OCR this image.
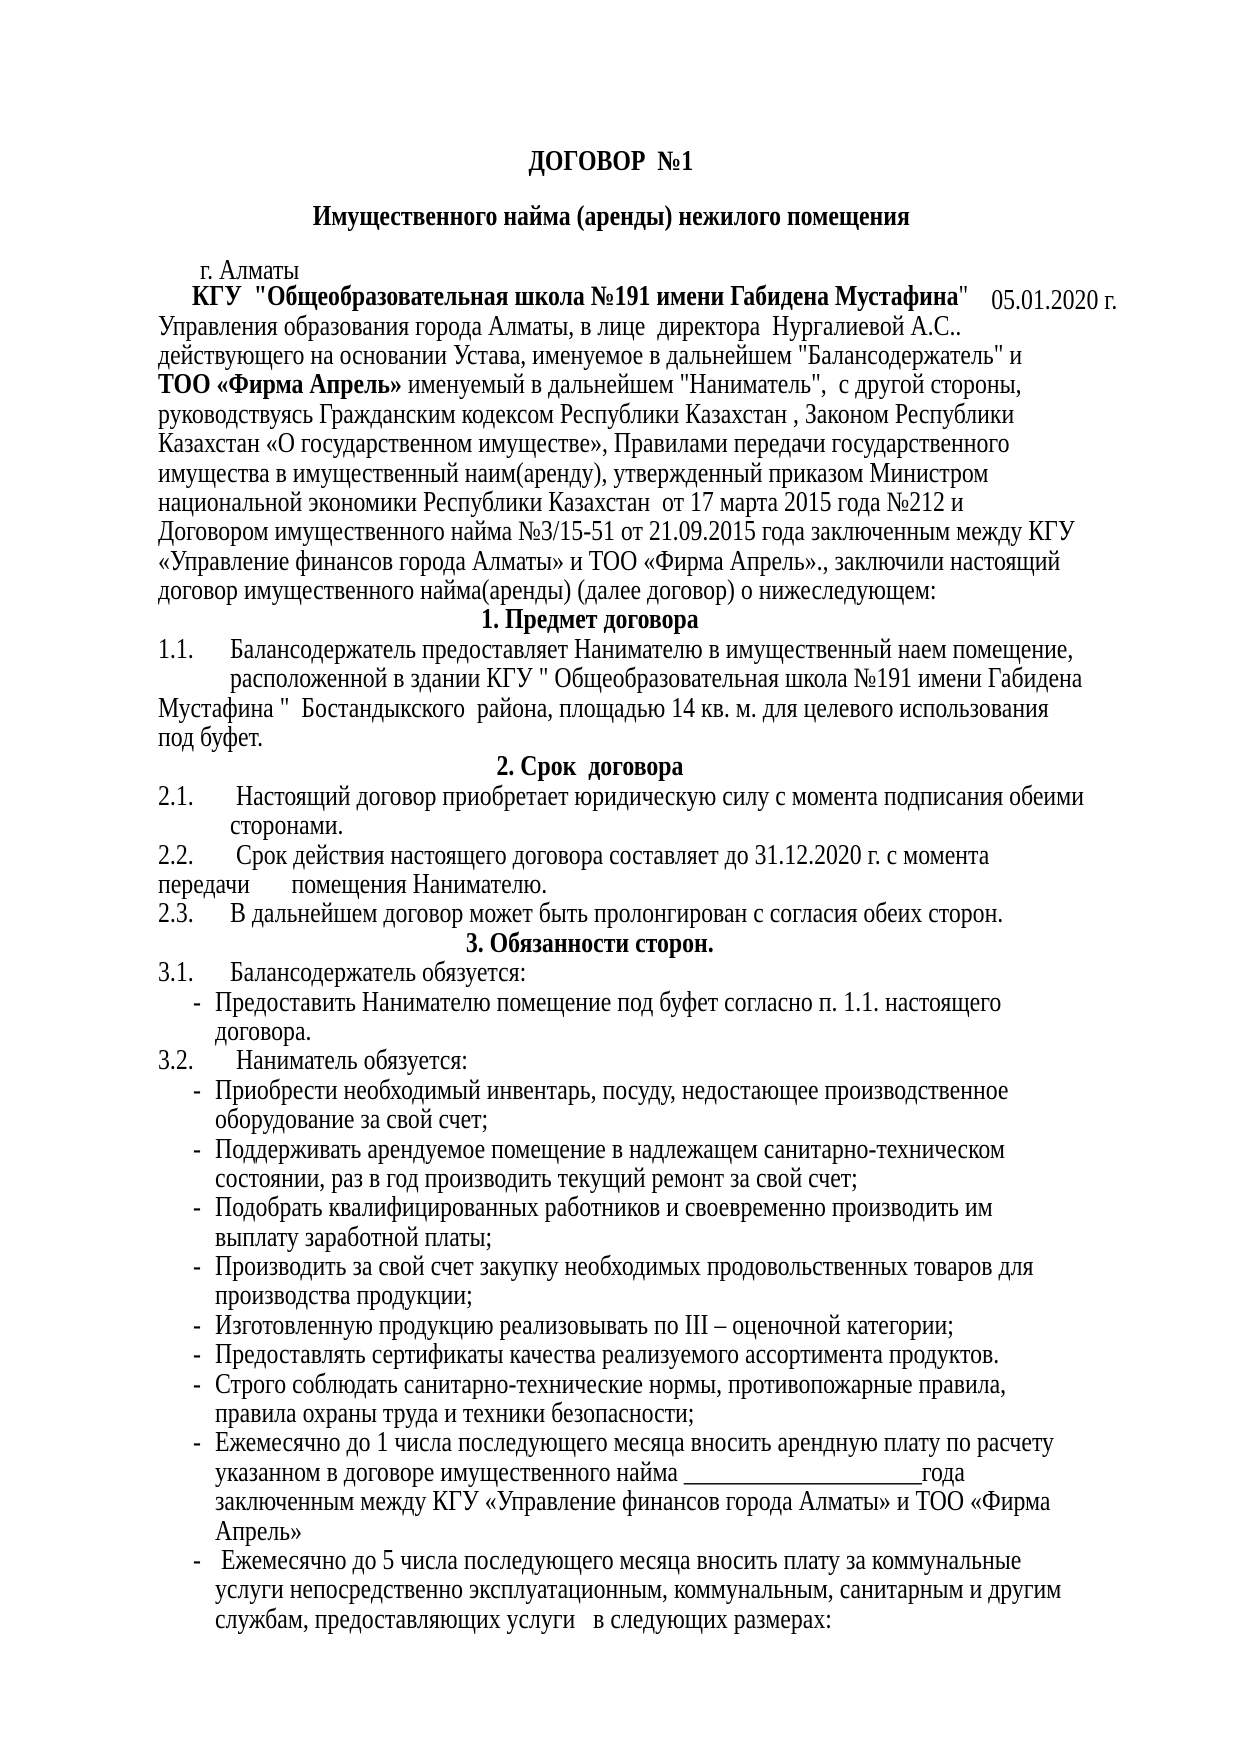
ДОГОВОР  №1

Имущественного найма (аренды) нежилого помещения

г. Алматы

05.01.2020 г.

КГУ  "Общеобразовательная школа №191 имени Габидена Мустафина"
Управления образования города Алматы, в лице  директора  Нургалиевой А.С..
действующего на основании Устава, именуемое в дальнейшем "Балансодержатель" и
ТОО «Фирма Апрель» именуемый в дальнейшем "Наниматель",  с другой стороны,
руководствуясь Гражданским кодексом Республики Казахстан , Законом Республики
Казахстан «О государственном имуществе», Правилами передачи государственного
имущества в имущественный наим(аренду), утвержденный приказом Министром
национальной экономики Республики Казахстан  от 17 марта 2015 года №212 и
Договором имущественного найма №3/15-51 от 21.09.2015 года заключенным между КГУ
«Управление финансов города Алматы» и ТОО «Фирма Апрель»., заключили настоящий
договор имущественного найма(аренды) (далее договор) о нижеследующем:
1. Предмет договора
1.1. Балансодержатель предоставляет Нанимателю в имущественный наем помещение,
расположенной в здании КГУ " Общеобразовательная школа №191 имени Габидена
Мустафина "  Бостандыкского  района, площадью 14 кв. м. для целевого использования
под буфет.
2. Срок  договора
2.1. Настоящий договор приобретает юридическую силу с момента подписания обеими
сторонами.
2.2. Срок действия настоящего договора составляет до 31.12.2020 г. с момента
передачи       помещения Нанимателю.
2.3. В дальнейшем договор может быть пролонгирован с согласия обеих сторон.
3. Обязанности сторон.
3.1. Балансодержатель обязуется:
- Предоставить Нанимателю помещение под буфет согласно п. 1.1. настоящего
договора.
3.2. Наниматель обязуется:
- Приобрести необходимый инвентарь, посуду, недостающее производственное
оборудование за свой счет;
- Поддерживать арендуемое помещение в надлежащем санитарно-техническом
состоянии, раз в год производить текущий ремонт за свой счет;
- Подобрать квалифицированных работников и своевременно производить им
выплату заработной платы;
- Производить за свой счет закупку необходимых продовольственных товаров для
производства продукции;
- Изготовленную продукцию реализовывать по III – оценочной категории;
- Предоставлять сертификаты качества реализуемого ассортимента продуктов.
- Строго соблюдать санитарно-технические нормы, противопожарные правила,
правила охраны труда и техники безопасности;
- Ежемесячно до 1 числа последующего месяца вносить арендную плату по расчету
указанном в договоре имущественного найма ____________________года
заключенным между КГУ «Управление финансов города Алматы» и ТОО «Фирма
Апрель»
- Ежемесячно до 5 числа последующего месяца вносить плату за коммунальные
услуги непосредственно эксплуатационным, коммунальным, санитарным и другим
службам, предоставляющих услуги   в следующих размерах:
